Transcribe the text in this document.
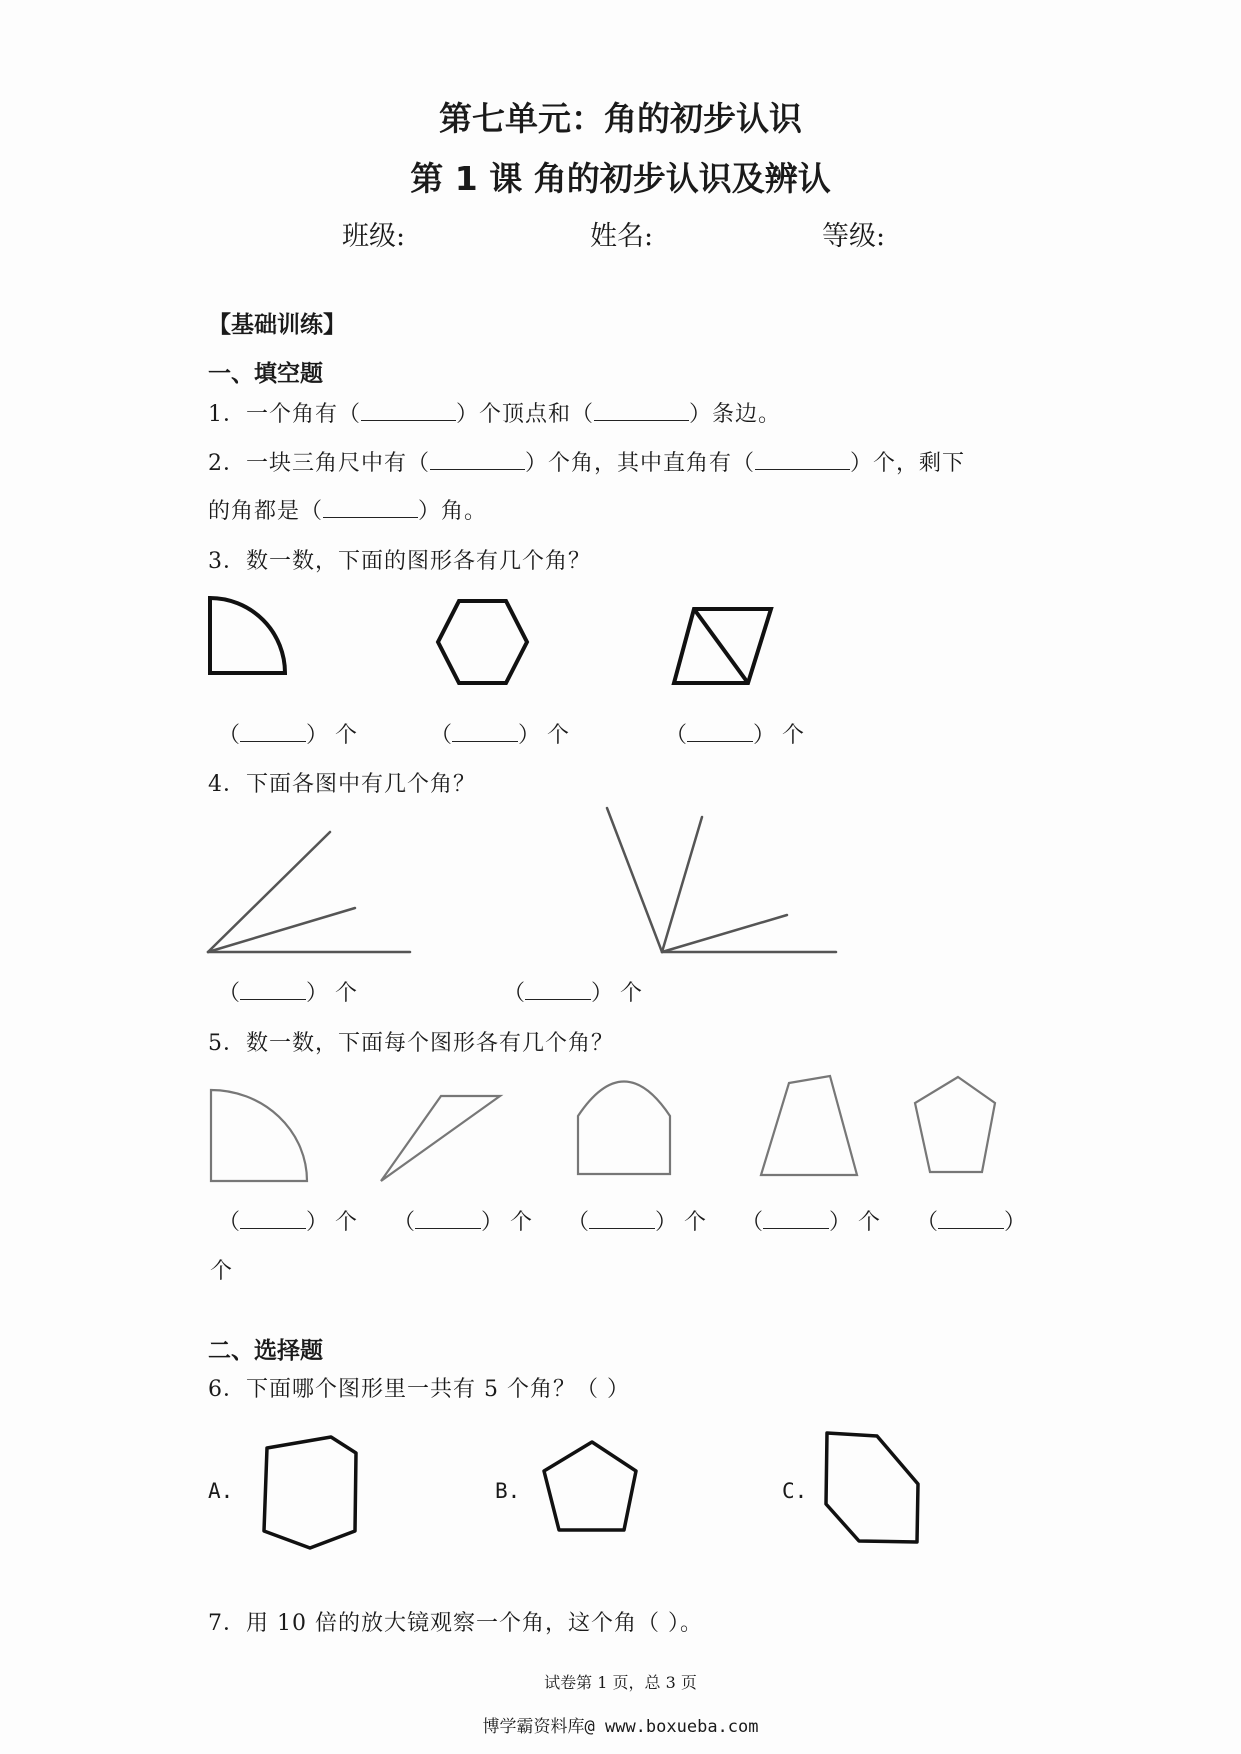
第七单元：角的初步认识
第 1 课 角的初步认识及辨认
班级:	姓名:	等级:
【基础训练】
一、填空题
1．一个角有（	）个顶点和（	）条边。
2．一块三角尺中有（	）个角，其中直角有（	）个，剩下
的角都是（	）角。
3．数一数，下面的图形各有几个角？
（	） 个	（	） 个	（	） 个
4．下面各图中有几个角？
（	） 个	（	） 个
5．数一数，下面每个图形各有几个角？
（	） 个 （	） 个 （	） 个 （	） 个 （	）
个
二、选择题
6．下面哪个图形里一共有 5 个角？（ ）
A.	B.	C.
7．用 10 倍的放大镜观察一个角，这个角（ ）。
试卷第 1 页，总 3 页
博学霸资料库@ www.boxueba.com
